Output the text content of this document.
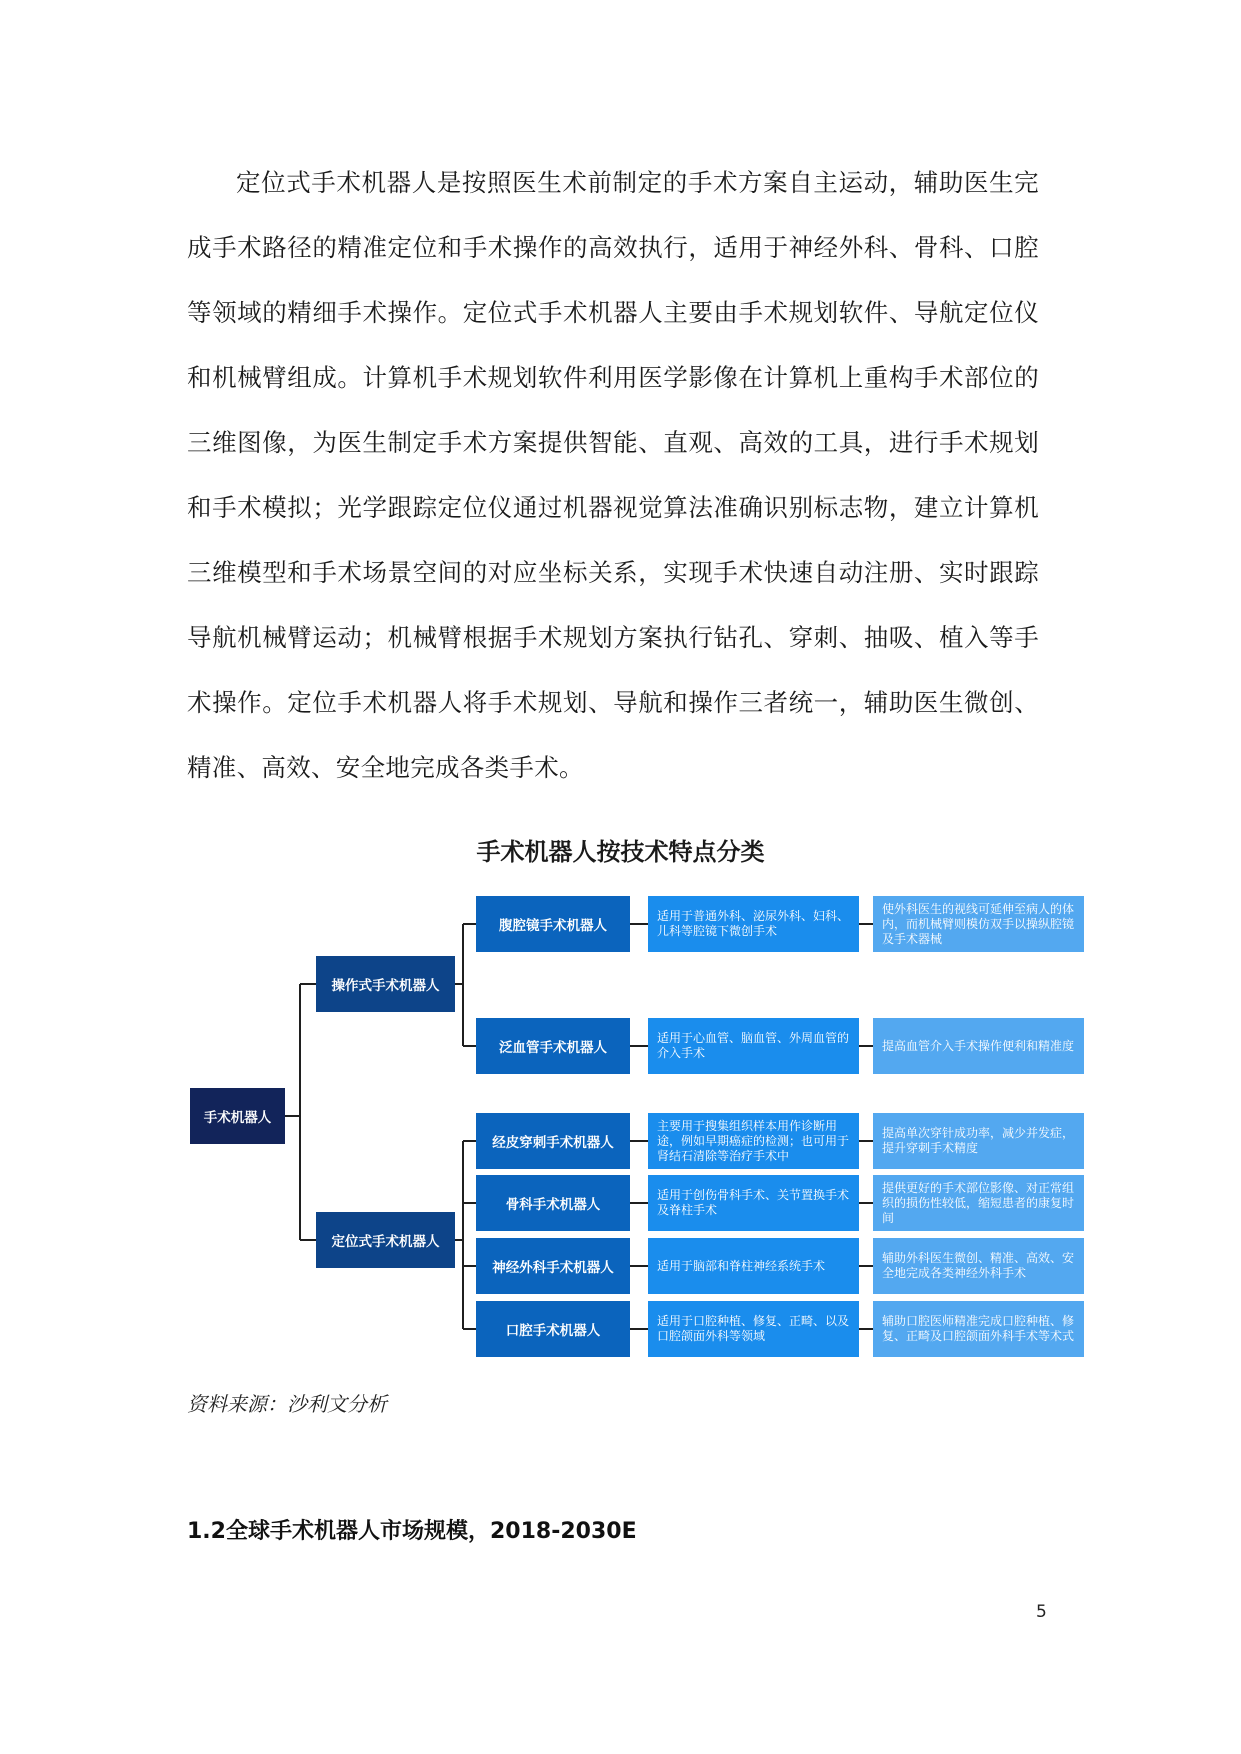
定位式手术机器人是按照医生术前制定的手术方案自主运动，辅助医生完成手术路径的精准定位和手术操作的高效执行，适用于神经外科、骨科、口腔等领域的精细手术操作。定位式手术机器人主要由手术规划软件、导航定位仪和机械臂组成。计算机手术规划软件利用医学影像在计算机上重构手术部位的三维图像，为医生制定手术方案提供智能、直观、高效的工具，进行手术规划和手术模拟；光学跟踪定位仪通过机器视觉算法准确识别标志物，建立计算机三维模型和手术场景空间的对应坐标关系，实现手术快速自动注册、实时跟踪导航机械臂运动；机械臂根据手术规划方案执行钻孔、穿刺、抽吸、植入等手术操作。定位手术机器人将手术规划、导航和操作三者统一，辅助医生微创、精准、高效、安全地完成各类手术。

手术机器人按技术特点分类
手术机器人
操作式手术机器人
定位式手术机器人
腹腔镜手术机器人
适用于普通外科、泌尿外科、妇科、儿科等腔镜下微创手术
使外科医生的视线可延伸至病人的体内，而机械臂则模仿双手以操纵腔镜及手术器械
泛血管手术机器人
适用于心血管、脑血管、外周血管的介入手术
提高血管介入手术操作便利和精准度
经皮穿刺手术机器人
主要用于搜集组织样本用作诊断用途，例如早期癌症的检测；也可用于肾结石清除等治疗手术中
提高单次穿针成功率，减少并发症，提升穿刺手术精度
骨科手术机器人
适用于创伤骨科手术、关节置换手术及脊柱手术
提供更好的手术部位影像、对正常组织的损伤性较低，缩短患者的康复时间
神经外科手术机器人	适用于脑部和脊柱神经系统手术
辅助外科医生微创、精准、高效、安全地完成各类神经外科手术
口腔手术机器人
适用于口腔种植、修复、正畸、以及口腔颌面外科等领域
辅助口腔医师精准完成口腔种植、修复、正畸及口腔颌面外科手术等术式

资料来源：沙利文分析

1.2全球手术机器人市场规模，2018-2030E

5
